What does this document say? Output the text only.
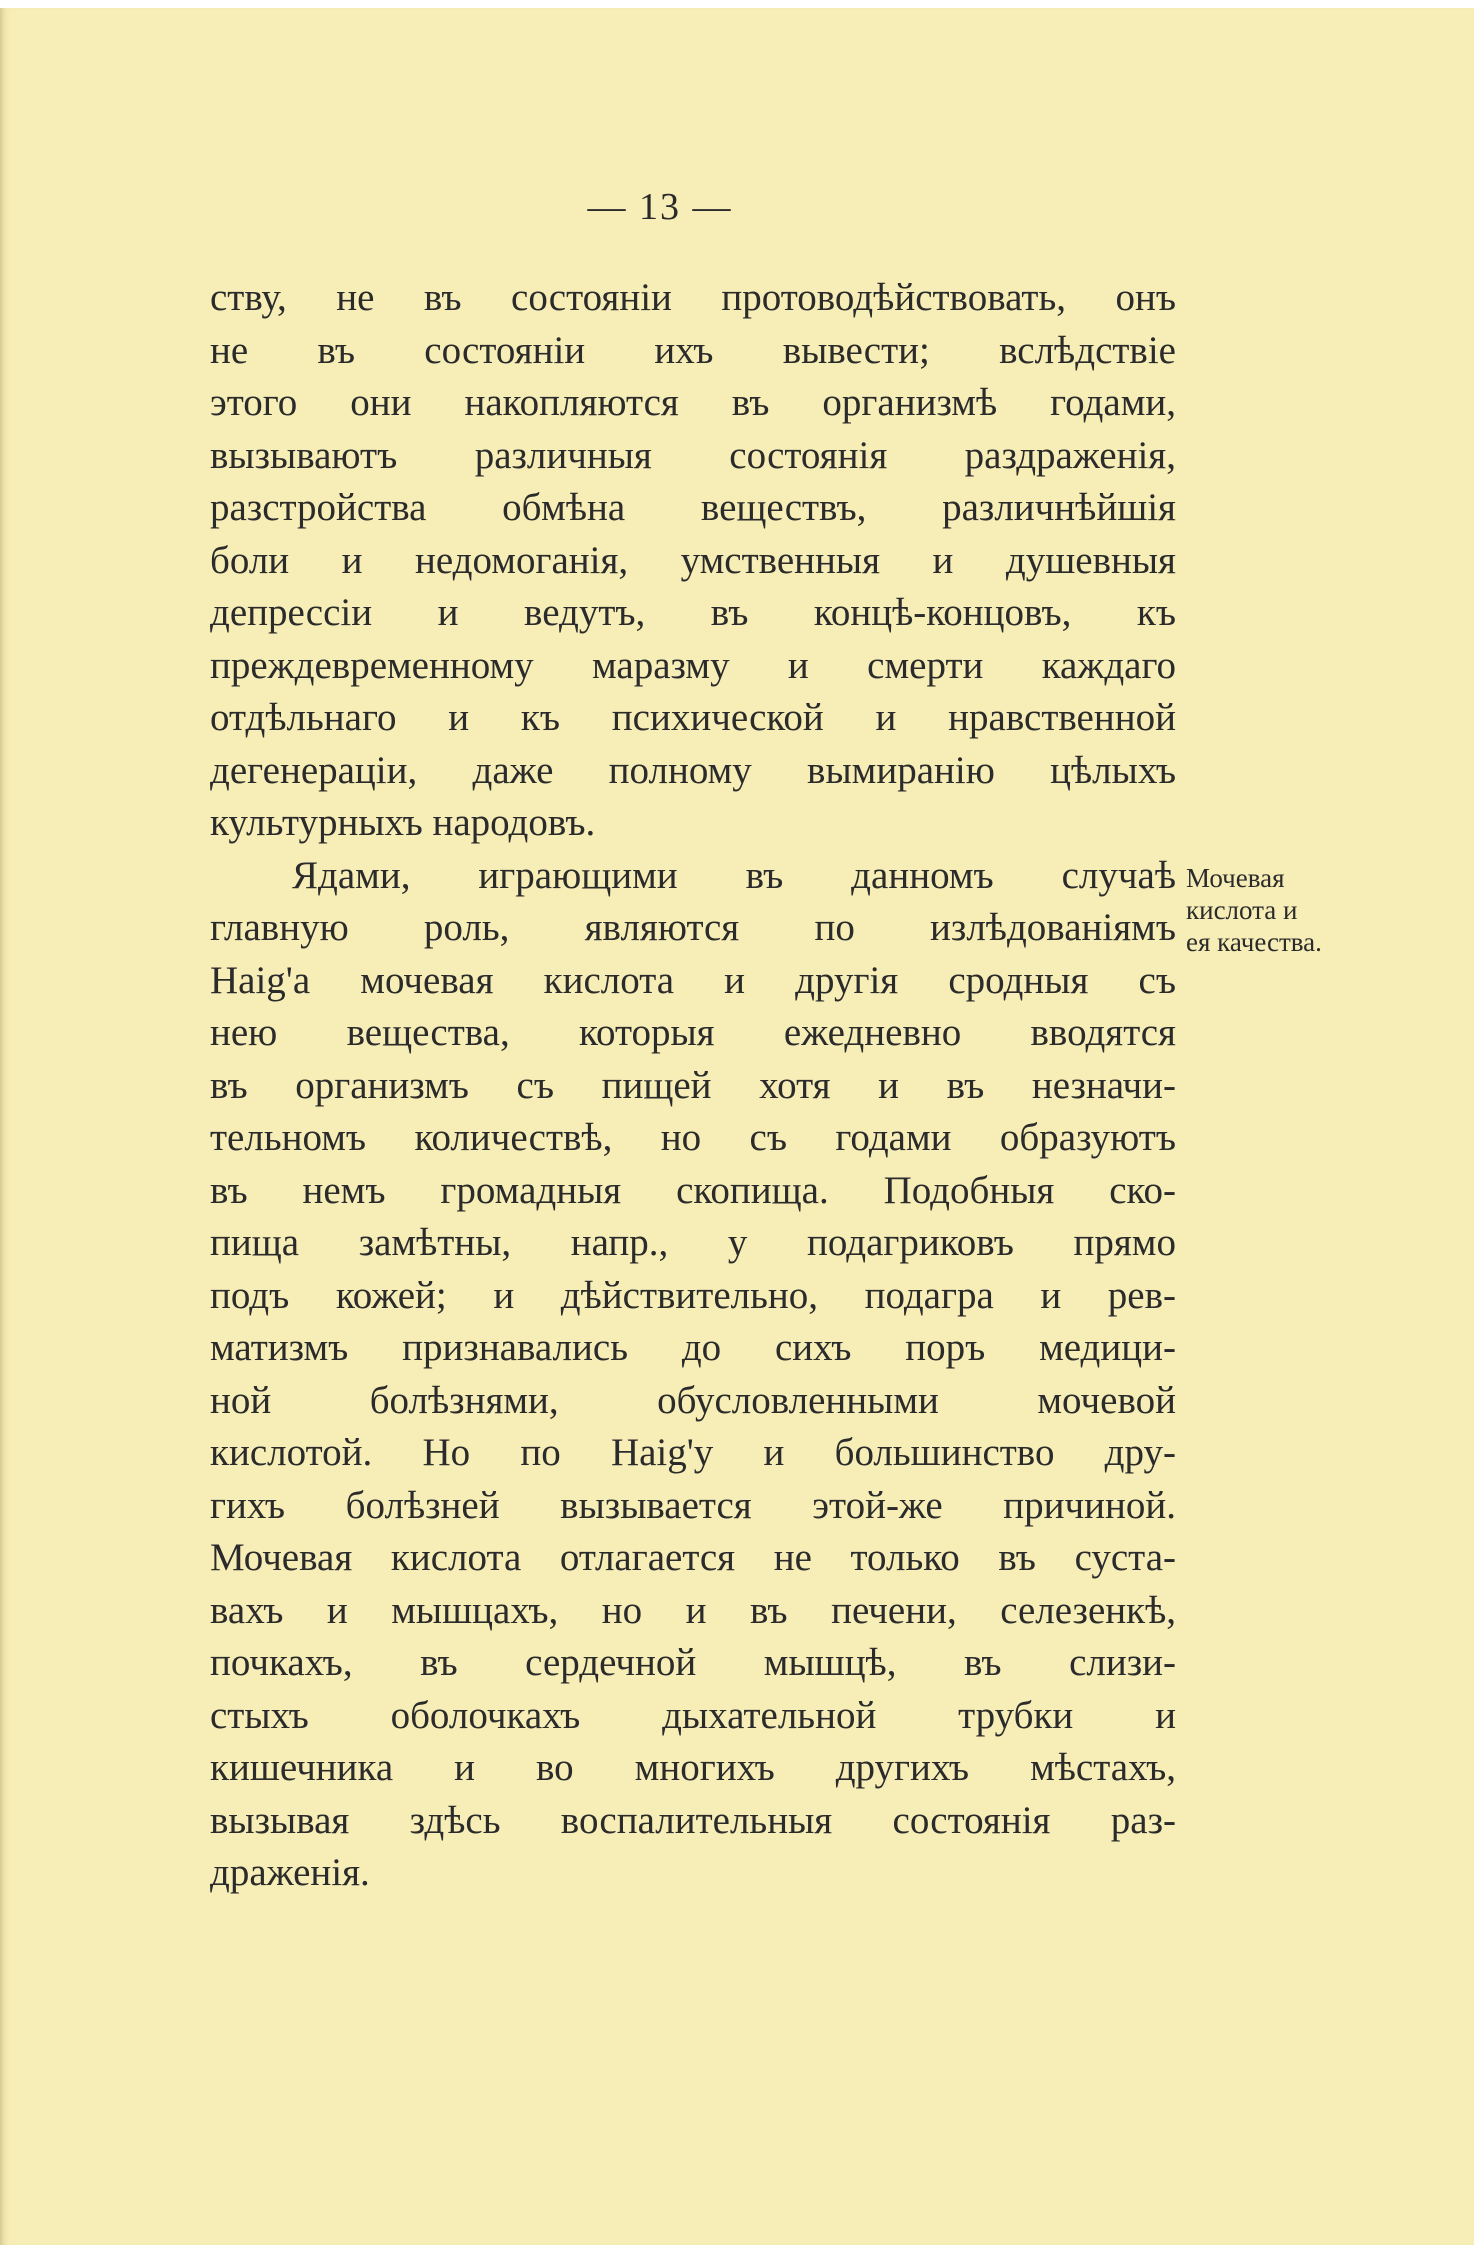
— 13 —
ству, не въ состоянiи протоводѣйствовать, онъ
не въ состоянiи ихъ вывести; вслѣдствiе
этого они накопляются въ организмѣ годами,
вызываютъ различныя состоянiя раздраженiя,
разстройства обмѣна веществъ, различнѣйшiя
боли и недомоганiя, умственныя и душевныя
депрессiи и ведутъ, въ концѣ-концовъ, къ
преждевременному маразму и смерти каждаго
отдѣльнаго и къ психической и нравственной
дегенерацiи, даже полному вымиранiю цѣлыхъ
культурныхъ народовъ.
Ядами, играющими въ данномъ случаѣ
главную роль, являются по излѣдованiямъ
Haig'а мочевая кислота и другiя сродныя съ
нею вещества, которыя ежедневно вводятся
въ организмъ съ пищей хотя и въ незначи-
тельномъ количествѣ, но съ годами образуютъ
въ немъ громадныя скопища. Подобныя ско-
пища замѣтны, напр., у подагриковъ прямо
подъ кожей; и дѣйствительно, подагра и рев-
матизмъ признавались до сихъ поръ медици-
ной болѣзнями, обусловленными мочевой
кислотой. Но по Haig'у и большинство дру-
гихъ болѣзней вызывается этой-же причиной.
Мочевая кислота отлагается не только въ суста-
вахъ и мышцахъ, но и въ печени, селезенкѣ,
почкахъ, въ сердечной мышцѣ, въ слизи-
стыхъ оболочкахъ дыхательной трубки и
кишечника и во многихъ другихъ мѣстахъ,
вызывая здѣсь воспалительныя состоянiя раз-
драженiя.
Мочевая
кислота и
ея качества.
